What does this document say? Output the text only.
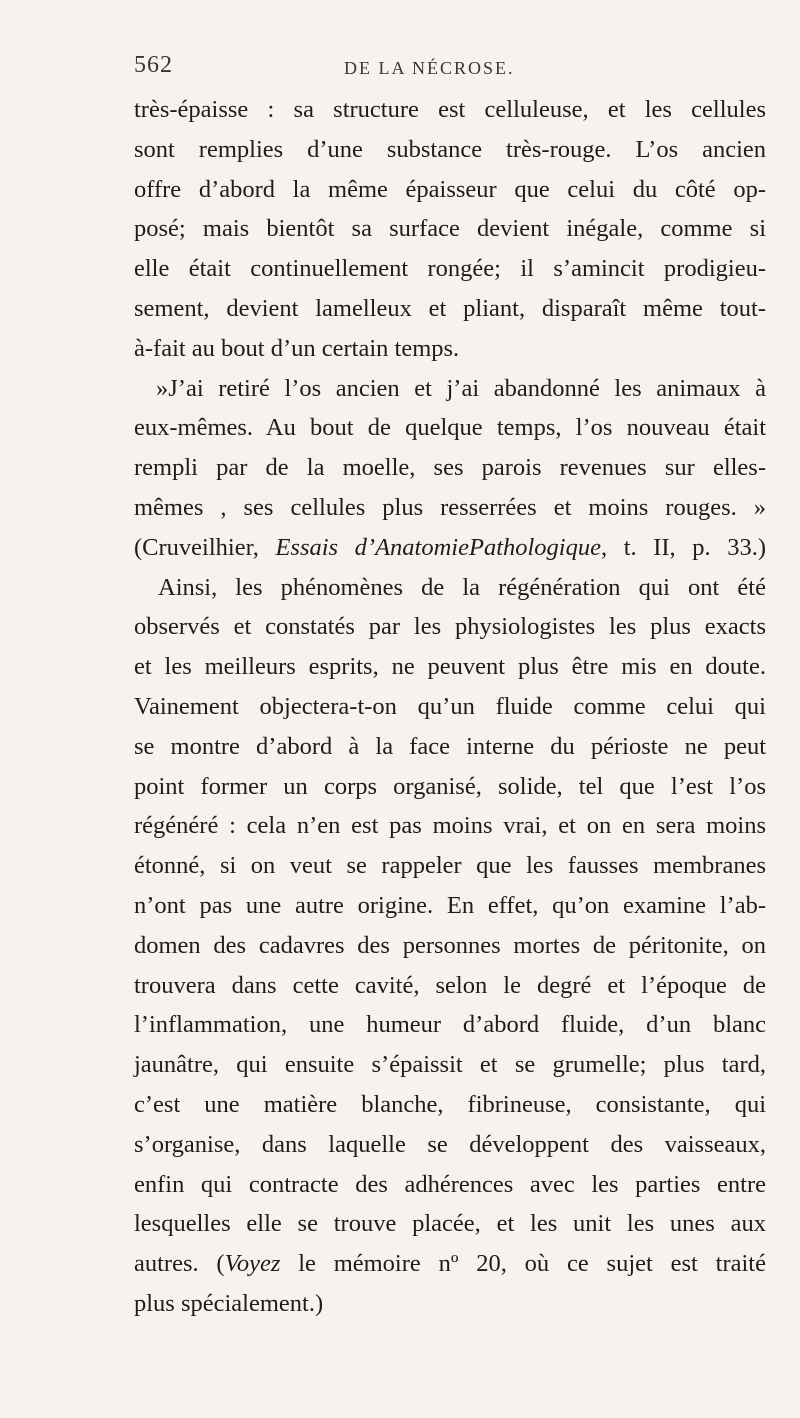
562	DE LA NÉCROSE.
très-épaisse : sa structure est celluleuse, et les cellules
sont remplies d’une substance très-rouge. L’os ancien
offre d’abord la même épaisseur que celui du côté op-
posé; mais bientôt sa surface devient inégale, comme si
elle était continuellement rongée; il s’amincit prodigieu-
sement, devient lamelleux et pliant, disparaît même tout-
à-fait au bout d’un certain temps.
»J’ai retiré l’os ancien et j’ai abandonné les animaux à
eux-mêmes. Au bout de quelque temps, l’os nouveau était
rempli par de la moelle, ses parois revenues sur elles-
mêmes , ses cellules plus resserrées et moins rouges. »
(Cruveilhier, Essais d’AnatomiePathologique, t. II, p. 33.)
Ainsi, les phénomènes de la régénération qui ont été
observés et constatés par les physiologistes les plus exacts
et les meilleurs esprits, ne peuvent plus être mis en doute.
Vainement objectera-t-on qu’un fluide comme celui qui
se montre d’abord à la face interne du périoste ne peut
point former un corps organisé, solide, tel que l’est l’os
régénéré : cela n’en est pas moins vrai, et on en sera moins
étonné, si on veut se rappeler que les fausses membranes
n’ont pas une autre origine. En effet, qu’on examine l’ab-
domen des cadavres des personnes mortes de péritonite, on
trouvera dans cette cavité, selon le degré et l’époque de
l’inflammation, une humeur d’abord fluide, d’un blanc
jaunâtre, qui ensuite s’épaissit et se grumelle; plus tard,
c’est une matière blanche, fibrineuse, consistante, qui
s’organise, dans laquelle se développent des vaisseaux,
enfin qui contracte des adhérences avec les parties entre
lesquelles elle se trouve placée, et les unit les unes aux
autres. (Voyez le mémoire nº 20, où ce sujet est traité
plus spécialement.)
